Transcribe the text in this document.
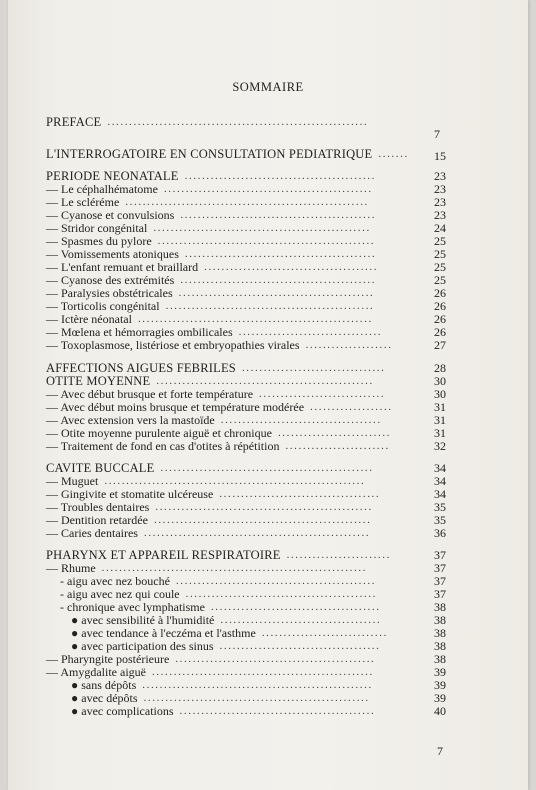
SOMMAIRE
PREFACE
7
............................................................
L'INTERROGATOIRE EN CONSULTATION PEDIATRIQUE	15
.......
PERIODE NEONATALE	23
............................................
— Le céphalhématome	23
................................................
— Le scléréme	23
........................................................
— Cyanose et convulsions	23
.............................................
— Stridor congénital	24
..................................................
— Spasmes du pylore	25
..................................................
— Vomissements atoniques	25
............................................
— L'enfant remuant et braillard	25
........................................
— Cyanose des extrémités	25
.............................................
— Paralysies obstétricales	26
.............................................
— Torticolis congénital	26
................................................
— Ictère néonatal	26
......................................................
— Mœlena et hémorragies ombilicales	26
.................................
— Toxoplasmose, listériose et embryopathies virales	27
....................
AFFECTIONS AIGUES FEBRILES	28
.................................
OTITE MOYENNE	30
..................................................
— Avec début brusque et forte température	30
.............................
— Avec début moins brusque et température modérée	31
...................
— Avec extension vers la mastoïde	31
.....................................
— Otite moyenne purulente aiguë et chronique	31
..........................
— Traitement de fond en cas d'otites à répétition	32
........................
CAVITE BUCCALE	34
.................................................
— Muguet	34
............................................................
— Gingivite et stomatite ulcéreuse	34
.....................................
— Troubles dentaires	35
..................................................
— Dentition retardée	35
..................................................
— Caries dentaires	36
....................................................
PHARYNX ET APPAREIL RESPIRATOIRE	37
........................
— Rhume	37
.............................................................
- aigu avec nez bouché	37
..............................................
- aigu avec nez qui coule	37
............................................
- chronique avec lymphatisme	38
.......................................
● avec sensibilité à l'humidité	38
.....................................
● avec tendance à l'eczéma et l'asthme	38
.............................
● avec participation des sinus	38
.....................................
— Pharyngite postérieure	38
..............................................
— Amygdalite aiguë	39
...................................................
● sans dépôts	39
.....................................................
● avec dépôts	39
....................................................
● avec complications	40
.............................................
7
